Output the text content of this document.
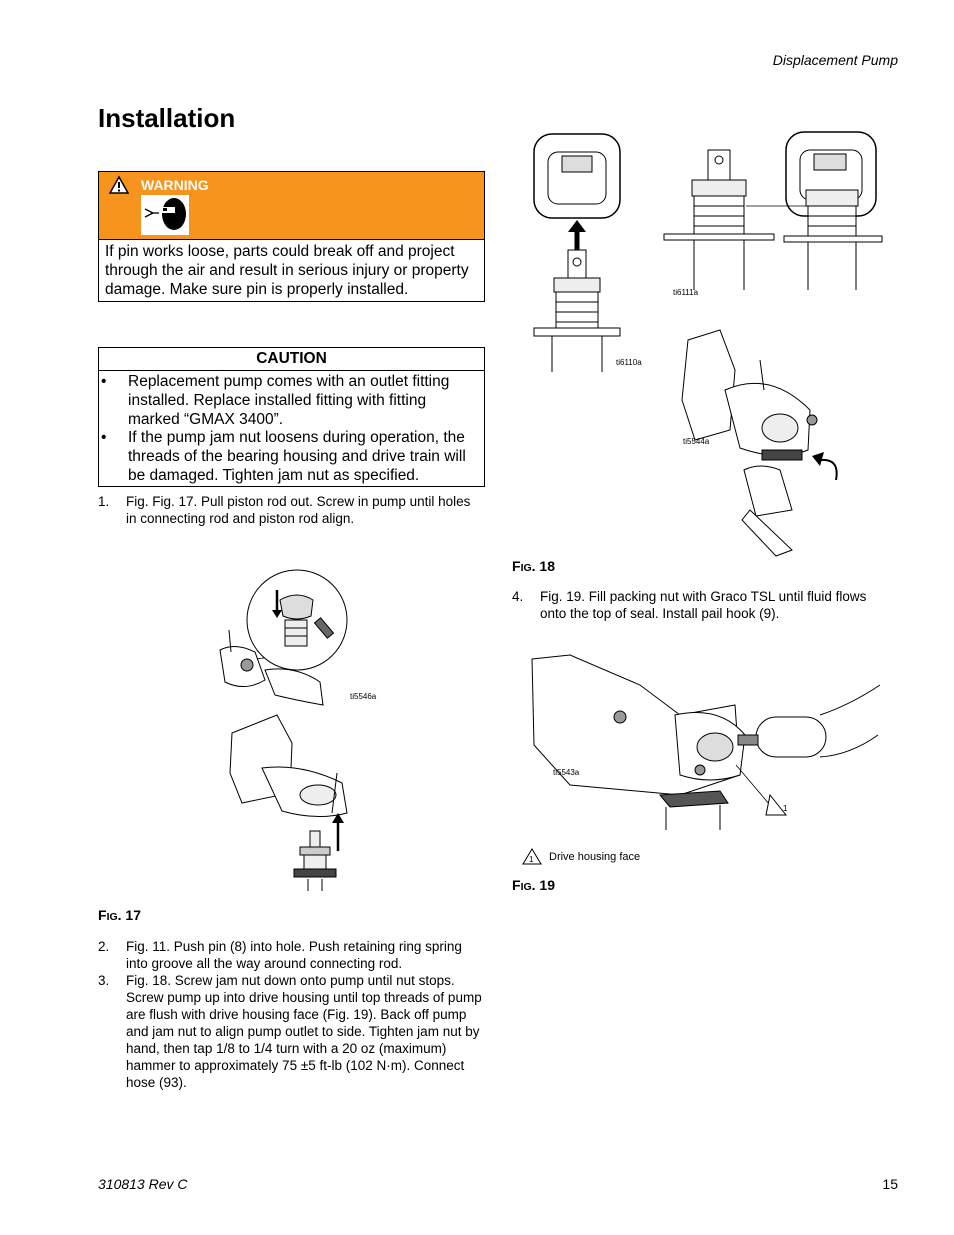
Displacement Pump
Installation
WARNING
If pin works loose, parts could break off and project through the air and result in serious injury or property damage. Make sure pin is properly installed.
CAUTION
• Replacement pump comes with an outlet fitting installed. Replace installed fitting with fitting marked “GMAX 3400”.
• If the pump jam nut loosens during operation, the threads of the bearing housing and drive train will be damaged. Tighten jam nut as specified.
1. Fig. Fig. 17. Pull piston rod out. Screw in pump until holes in connecting rod and piston rod align.
ti5546a
FIG. 17
2. Fig. 11. Push pin (8) into hole. Push retaining ring spring into groove all the way around connecting rod.
3. Fig. 18. Screw jam nut down onto pump until nut stops. Screw pump up into drive housing until top threads of pump are flush with drive housing face (Fig. 19). Back off pump and jam nut to align pump outlet to side. Tighten jam nut by hand, then tap 1/8 to 1/4 turn with a 20 oz (maximum) hammer to approximately 75 ±5 ft-lb (102 N·m). Connect hose (93).
ti6110a
ti6111a
ti5544a
FIG. 18
4. Fig. 19. Fill packing nut with Graco TSL until fluid flows onto the top of seal. Install pail hook (9).
ti5543a
1
1 Drive housing face
FIG. 19
310813 Rev C	15
